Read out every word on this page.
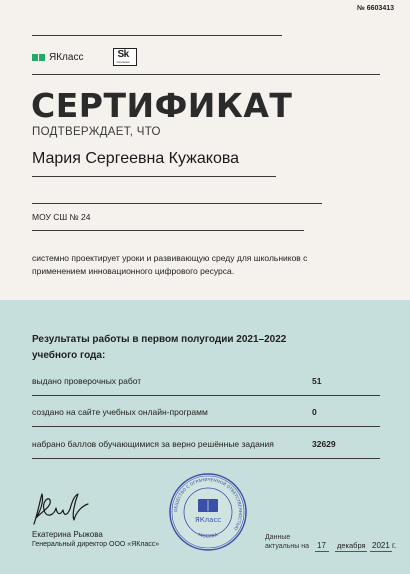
№ 6603413
ЯКласс	Sk
Сколково
СЕРТИФИКАТ
ПОДТВЕРЖДАЕТ, ЧТО
Мария Сергеевна Кужакова
МОУ СШ № 24
системно проектирует уроки и развивающую среду для школьников с применением инновационного цифрового ресурса.
Результаты работы в первом полугодии 2021–2022 учебного года:
выдано проверочных работ	51
создано на сайте учебных онлайн-программ	0
набрано баллов обучающимися за верно решённые задания	32629
Екатерина Рыжова
Генеральный директор ООО «ЯКласс»
ОБЩЕСТВО С ОГРАНИЧЕННОЙ ОТВЕТСТВЕННОСТЬЮ
МОСКВА
ЯКласс
Данные актуальны на	17 декабря 2021 г.
